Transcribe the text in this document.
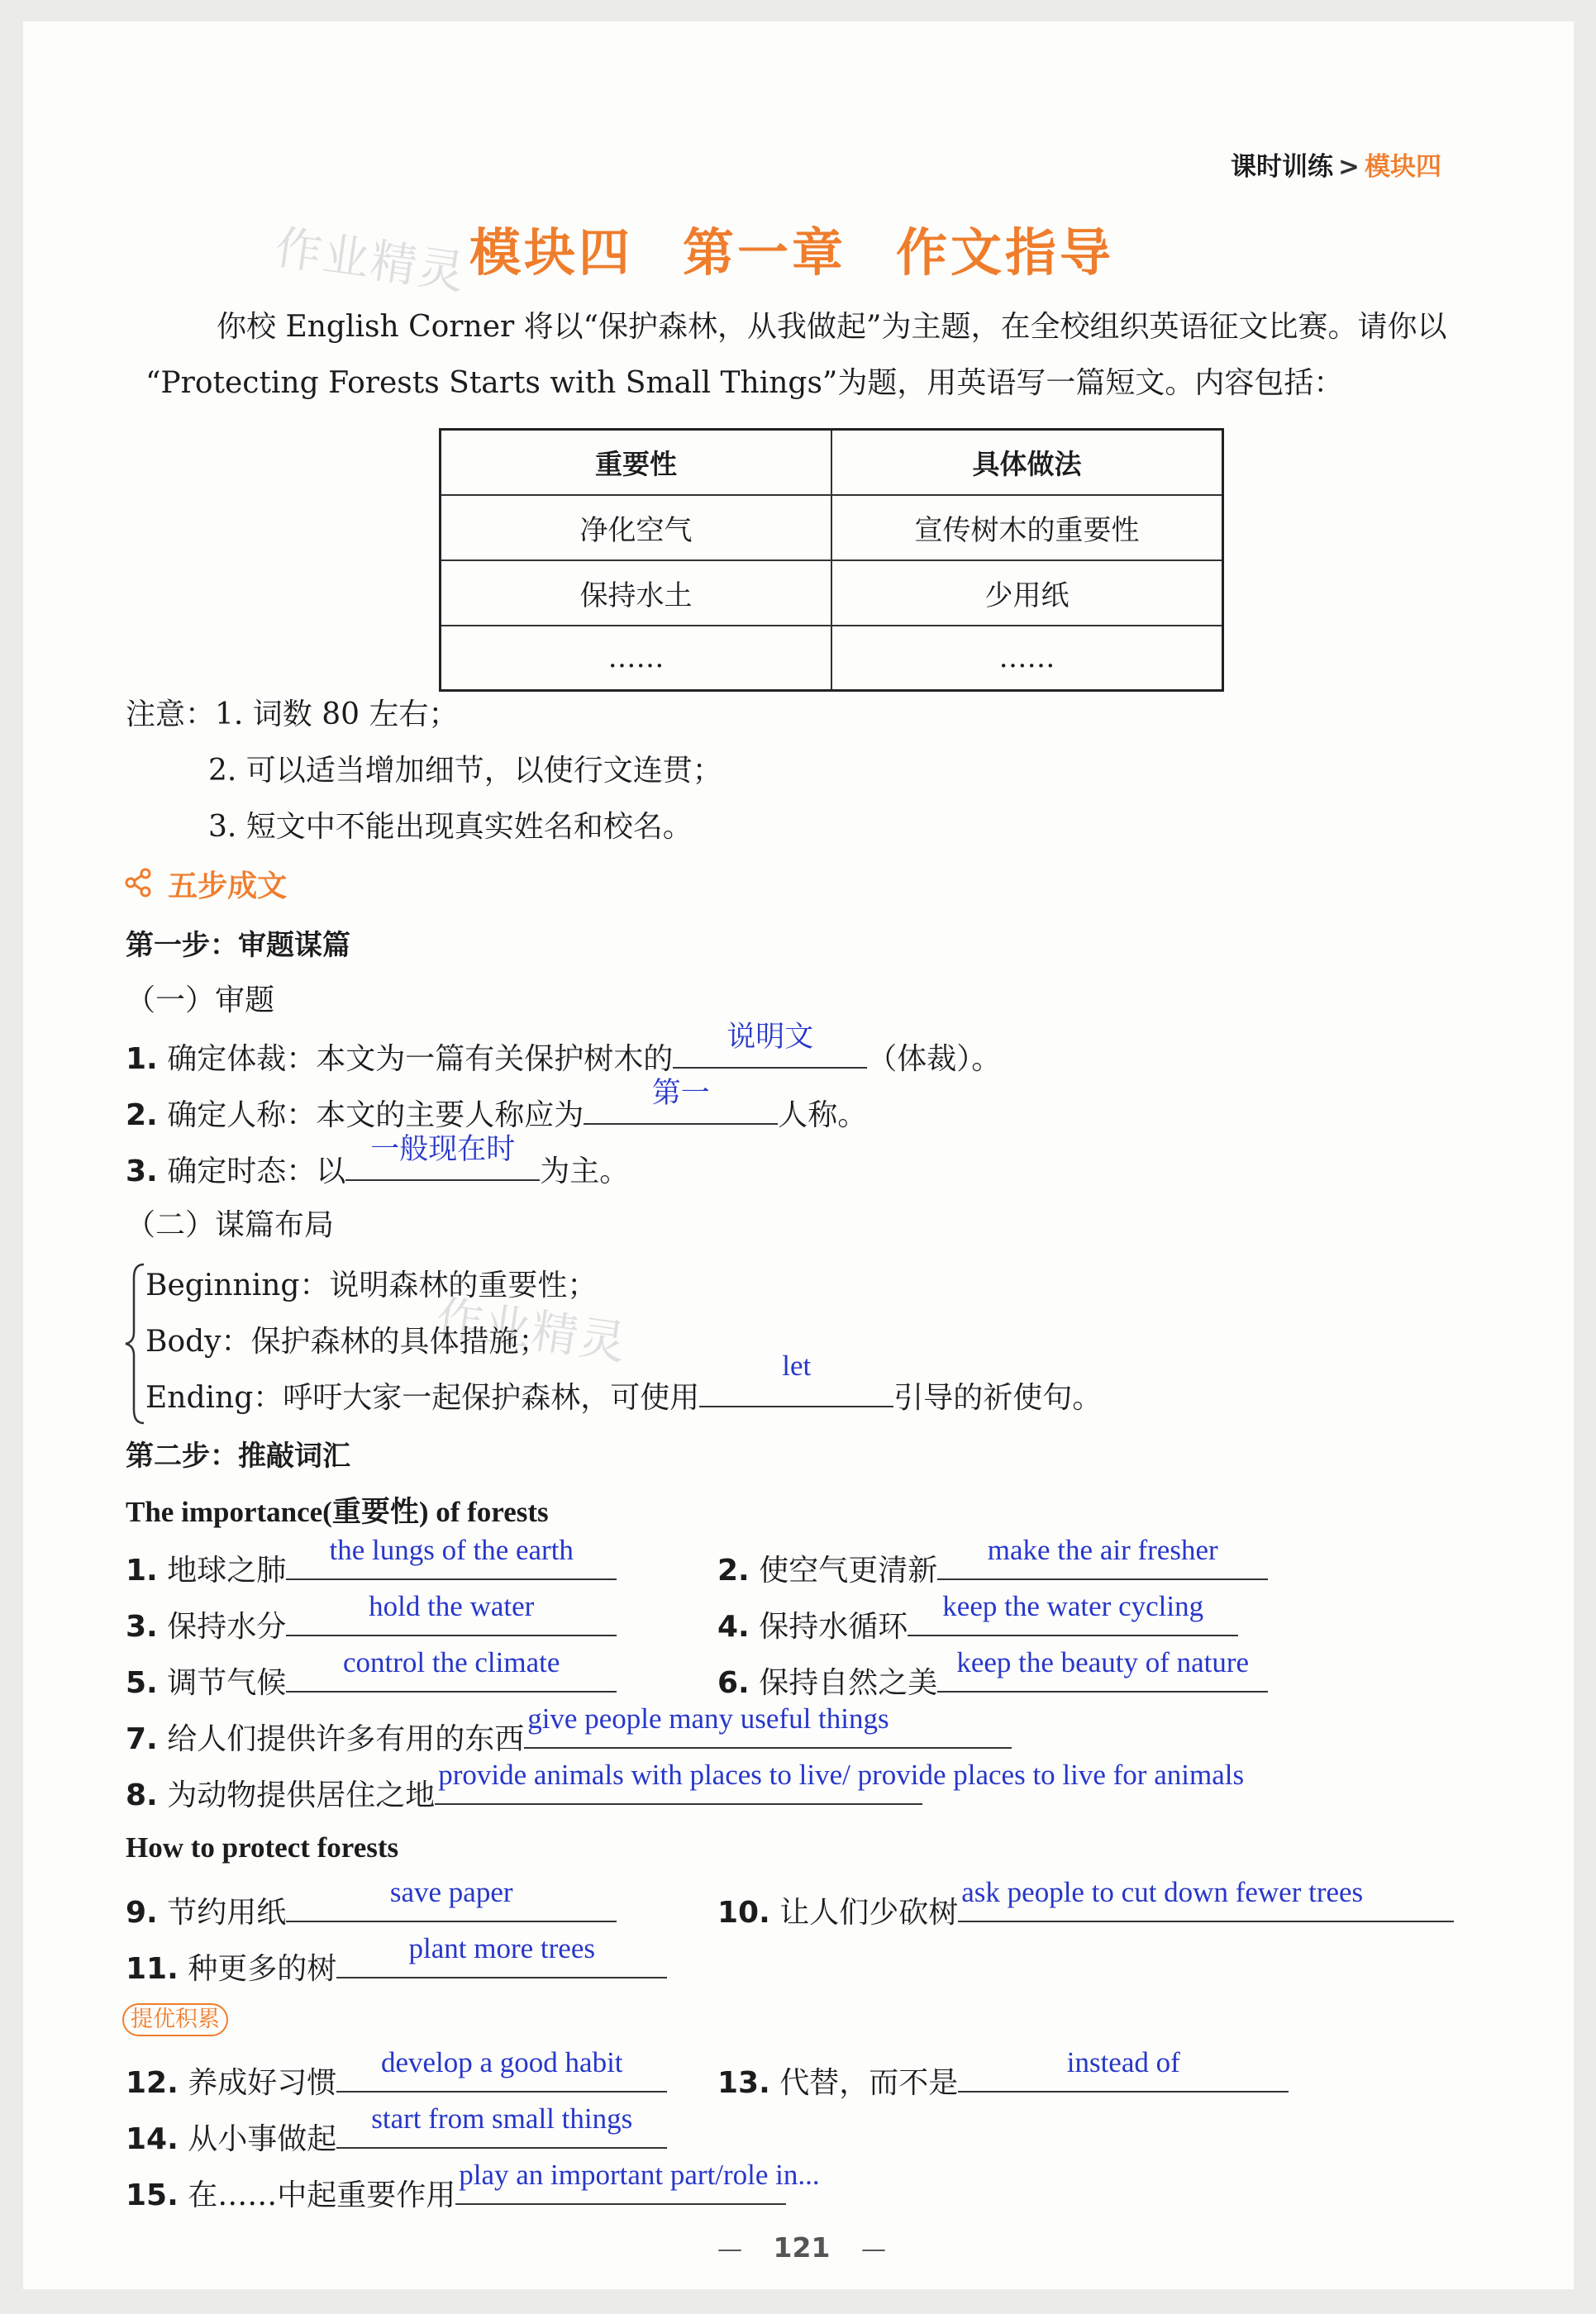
课时训练 > 模块四
作业精灵 模块四 第一章 作文指导

你校 English Corner 将以“保护森林，从我做起”为主题，在全校组织英语征文比赛。请你以

“Protecting Forests Starts with Small Things”为题，用英语写一篇短文。内容包括：

重要性	具体做法
净化空气	宣传树木的重要性
保持水土	少用纸
……	……
注意：1. 词数 80 左右；
2. 可以适当增加细节，以使行文连贯；
3. 短文中不能出现真实姓名和校名。
五步成文
第一步：审题谋篇
（一）审题
1. 确定体裁：本文为一篇有关保护树木的
说明文
（体裁）。
2. 确定人称：本文的主要人称应为
第一
人称。
3. 确定时态：以
一般现在时
为主。
（二）谋篇布局
Beginning：说明森林的重要性；
作业精灵
Body：保护森林的具体措施；
Ending：呼吁大家一起保护森林，可使用
let
引导的祈使句。
第二步：推敲词汇
The importance(重要性) of forests
1. 地球之肺
the lungs of the earth
2. 使空气更清新
make the air fresher
3. 保持水分
hold the water
4. 保持水循环
keep the water cycling
5. 调节气候
control the climate
6. 保持自然之美
keep the beauty of nature
7. 给人们提供许多有用的东西
give people many useful things
8. 为动物提供居住之地
provide animals with places to live/ provide places to live for animals
How to protect forests
9. 节约用纸
save paper
10. 让人们少砍树
ask people to cut down fewer trees
11. 种更多的树
plant more trees
提优积累
12. 养成好习惯
develop a good habit
13. 代替，而不是
instead of
14. 从小事做起
start from small things
15. 在……中起重要作用
play an important part/role in...
— 121 —
